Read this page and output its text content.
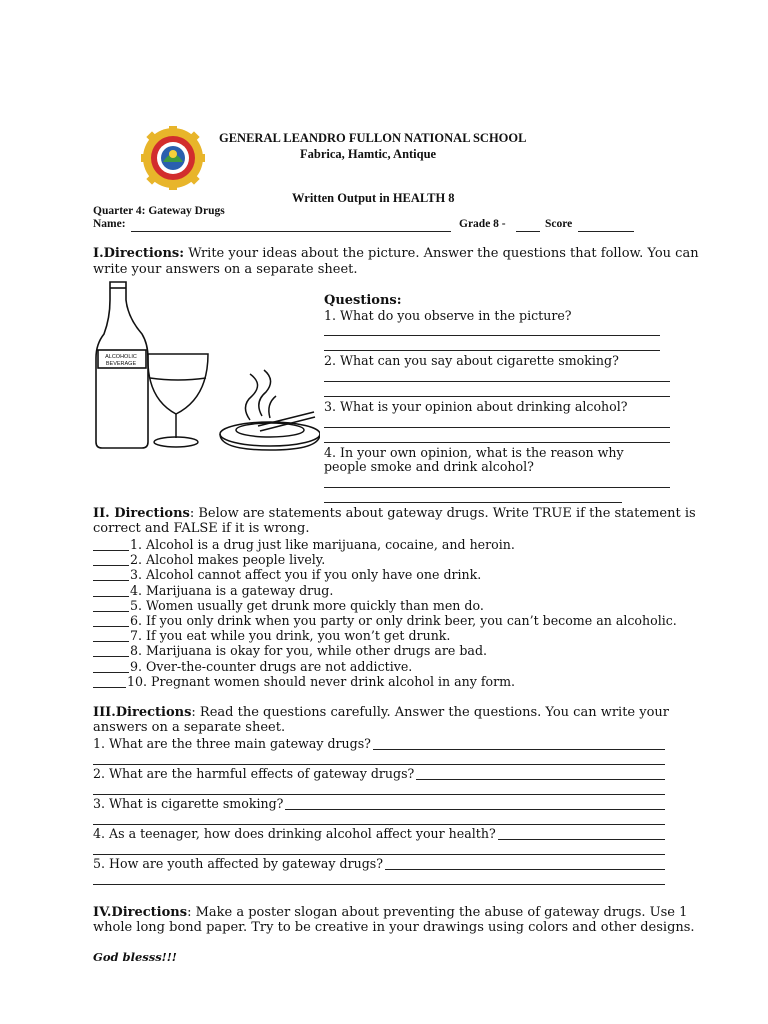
GENERAL LEANDRO FULLON NATIONAL SCHOOL
Fabrica, Hamtic, Antique
Written Output in HEALTH 8
Quarter 4: Gateway Drugs
Name:	Grade 8 -	Score
I.Directions: Write your ideas about the picture. Answer the questions that follow. You can
write your answers on a separate sheet.
ALCOHOLIC
BEVERAGE
Questions:
1. What do you observe in the picture?
2. What can you say about cigarette smoking?
3. What is your opinion about drinking alcohol?
4. In your own opinion, what is the reason why
people smoke and drink alcohol?
II. Directions: Below are statements about gateway drugs. Write TRUE if the statement is
correct and FALSE if it is wrong.
1. Alcohol is a drug just like marijuana, cocaine, and heroin.
2. Alcohol makes people lively.
3. Alcohol cannot affect you if you only have one drink.
4. Marijuana is a gateway drug.
5. Women usually get drunk more quickly than men do.
6. If you only drink when you party or only drink beer, you can’t become an alcoholic.
7. If you eat while you drink, you won’t get drunk.
8. Marijuana is okay for you, while other drugs are bad.
9. Over-the-counter drugs are not addictive.
10. Pregnant women should never drink alcohol in any form.
III.Directions: Read the questions carefully. Answer the questions. You can write your
answers on a separate sheet.
1. What are the three main gateway drugs?
2. What are the harmful effects of gateway drugs?
3. What is cigarette smoking?
4. As a teenager, how does drinking alcohol affect your health?
5. How are youth affected by gateway drugs?
IV.Directions: Make a poster slogan about preventing the abuse of gateway drugs. Use 1
whole long bond paper. Try to be creative in your drawings using colors and other designs.
God blesss!!!
